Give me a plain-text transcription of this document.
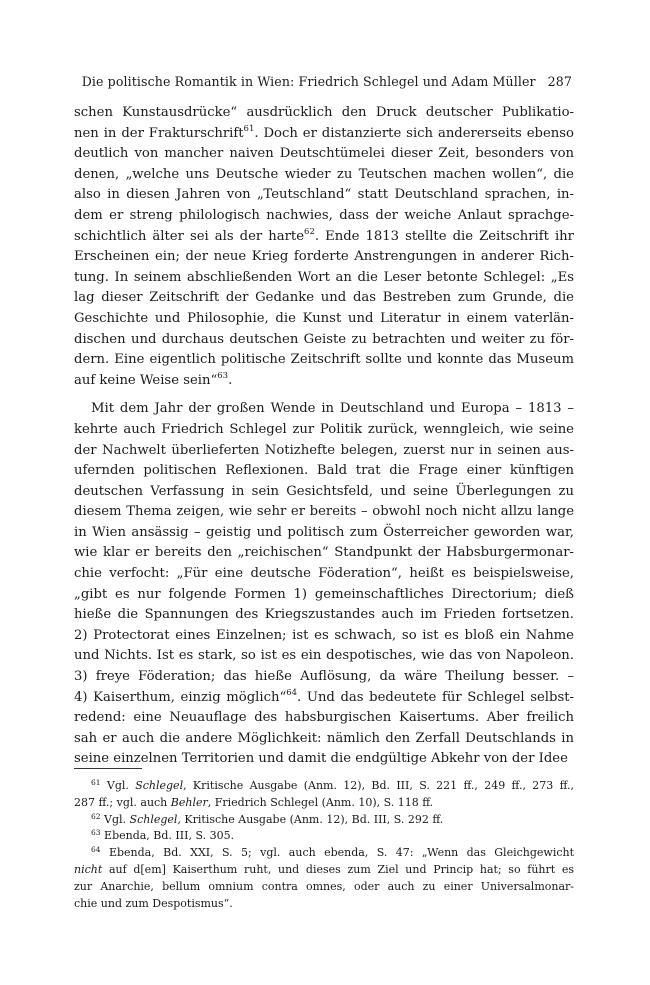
Die politische Romantik in Wien: Friedrich Schlegel und Adam Müller 287

schen Kunstausdrücke“ ausdrücklich den Druck deutscher Publikatio-

nen in der Frakturschrift$^{61}$. Doch er distanzierte sich andererseits ebenso

deutlich von mancher naiven Deutschtümelei dieser Zeit, besonders von

denen, „welche uns Deutsche wieder zu Teutschen machen wollen“, die

also in diesen Jahren von „Teutschland“ statt Deutschland sprachen, in-

dem er streng philologisch nachwies, dass der weiche Anlaut sprachge-

schichtlich älter sei als der harte$^{62}$. Ende 1813 stellte die Zeitschrift ihr

Erscheinen ein; der neue Krieg forderte Anstrengungen in anderer Rich-

tung. In seinem abschließenden Wort an die Leser betonte Schlegel: „Es

lag dieser Zeitschrift der Gedanke und das Bestreben zum Grunde, die

Geschichte und Philosophie, die Kunst und Literatur in einem vaterlän-

dischen und durchaus deutschen Geiste zu betrachten und weiter zu för-

dern. Eine eigentlich politische Zeitschrift sollte und konnte das Museum

auf keine Weise sein“$^{63}$.

Mit dem Jahr der großen Wende in Deutschland und Europa – 1813 –

kehrte auch Friedrich Schlegel zur Politik zurück, wenngleich, wie seine

der Nachwelt überlieferten Notizhefte belegen, zuerst nur in seinen aus-

ufernden politischen Reflexionen. Bald trat die Frage einer künftigen

deutschen Verfassung in sein Gesichtsfeld, und seine Überlegungen zu

diesem Thema zeigen, wie sehr er bereits – obwohl noch nicht allzu lange

in Wien ansässig – geistig und politisch zum Österreicher geworden war,

wie klar er bereits den „reichischen“ Standpunkt der Habsburgermonar-

chie verfocht: „Für eine deutsche Föderation“, heißt es beispielsweise,

„gibt es nur folgende Formen 1) gemeinschaftliches Directorium; dieß

hieße die Spannungen des Kriegszustandes auch im Frieden fortsetzen.

2) Protectorat eines Einzelnen; ist es schwach, so ist es bloß ein Nahme

und Nichts. Ist es stark, so ist es ein despotisches, wie das von Napoleon.

3) freye Föderation; das hieße Auflösung, da wäre Theilung besser. –

4) Kaiserthum, einzig möglich“$^{64}$. Und das bedeutete für Schlegel selbst-

redend: eine Neuauflage des habsburgischen Kaisertums. Aber freilich

sah er auch die andere Möglichkeit: nämlich den Zerfall Deutschlands in

seine einzelnen Territorien und damit die endgültige Abkehr von der Idee

$^{61}$ Vgl. Schlegel, Kritische Ausgabe (Anm. 12), Bd. III, S. 221 ff., 249 ff., 273 ff.,
287 ff.; vgl. auch Behler, Friedrich Schlegel (Anm. 10), S. 118 ff.
$^{62}$ Vgl. Schlegel, Kritische Ausgabe (Anm. 12), Bd. III, S. 292 ff.
$^{63}$ Ebenda, Bd. III, S. 305.
$^{64}$ Ebenda, Bd. XXI, S. 5; vgl. auch ebenda, S. 47: „Wenn das Gleichgewicht
nicht auf d[em] Kaiserthum ruht, und dieses zum Ziel und Princip hat; so führt es
zur Anarchie, bellum omnium contra omnes, oder auch zu einer Universalmonar-
chie und zum Despotismus“.
